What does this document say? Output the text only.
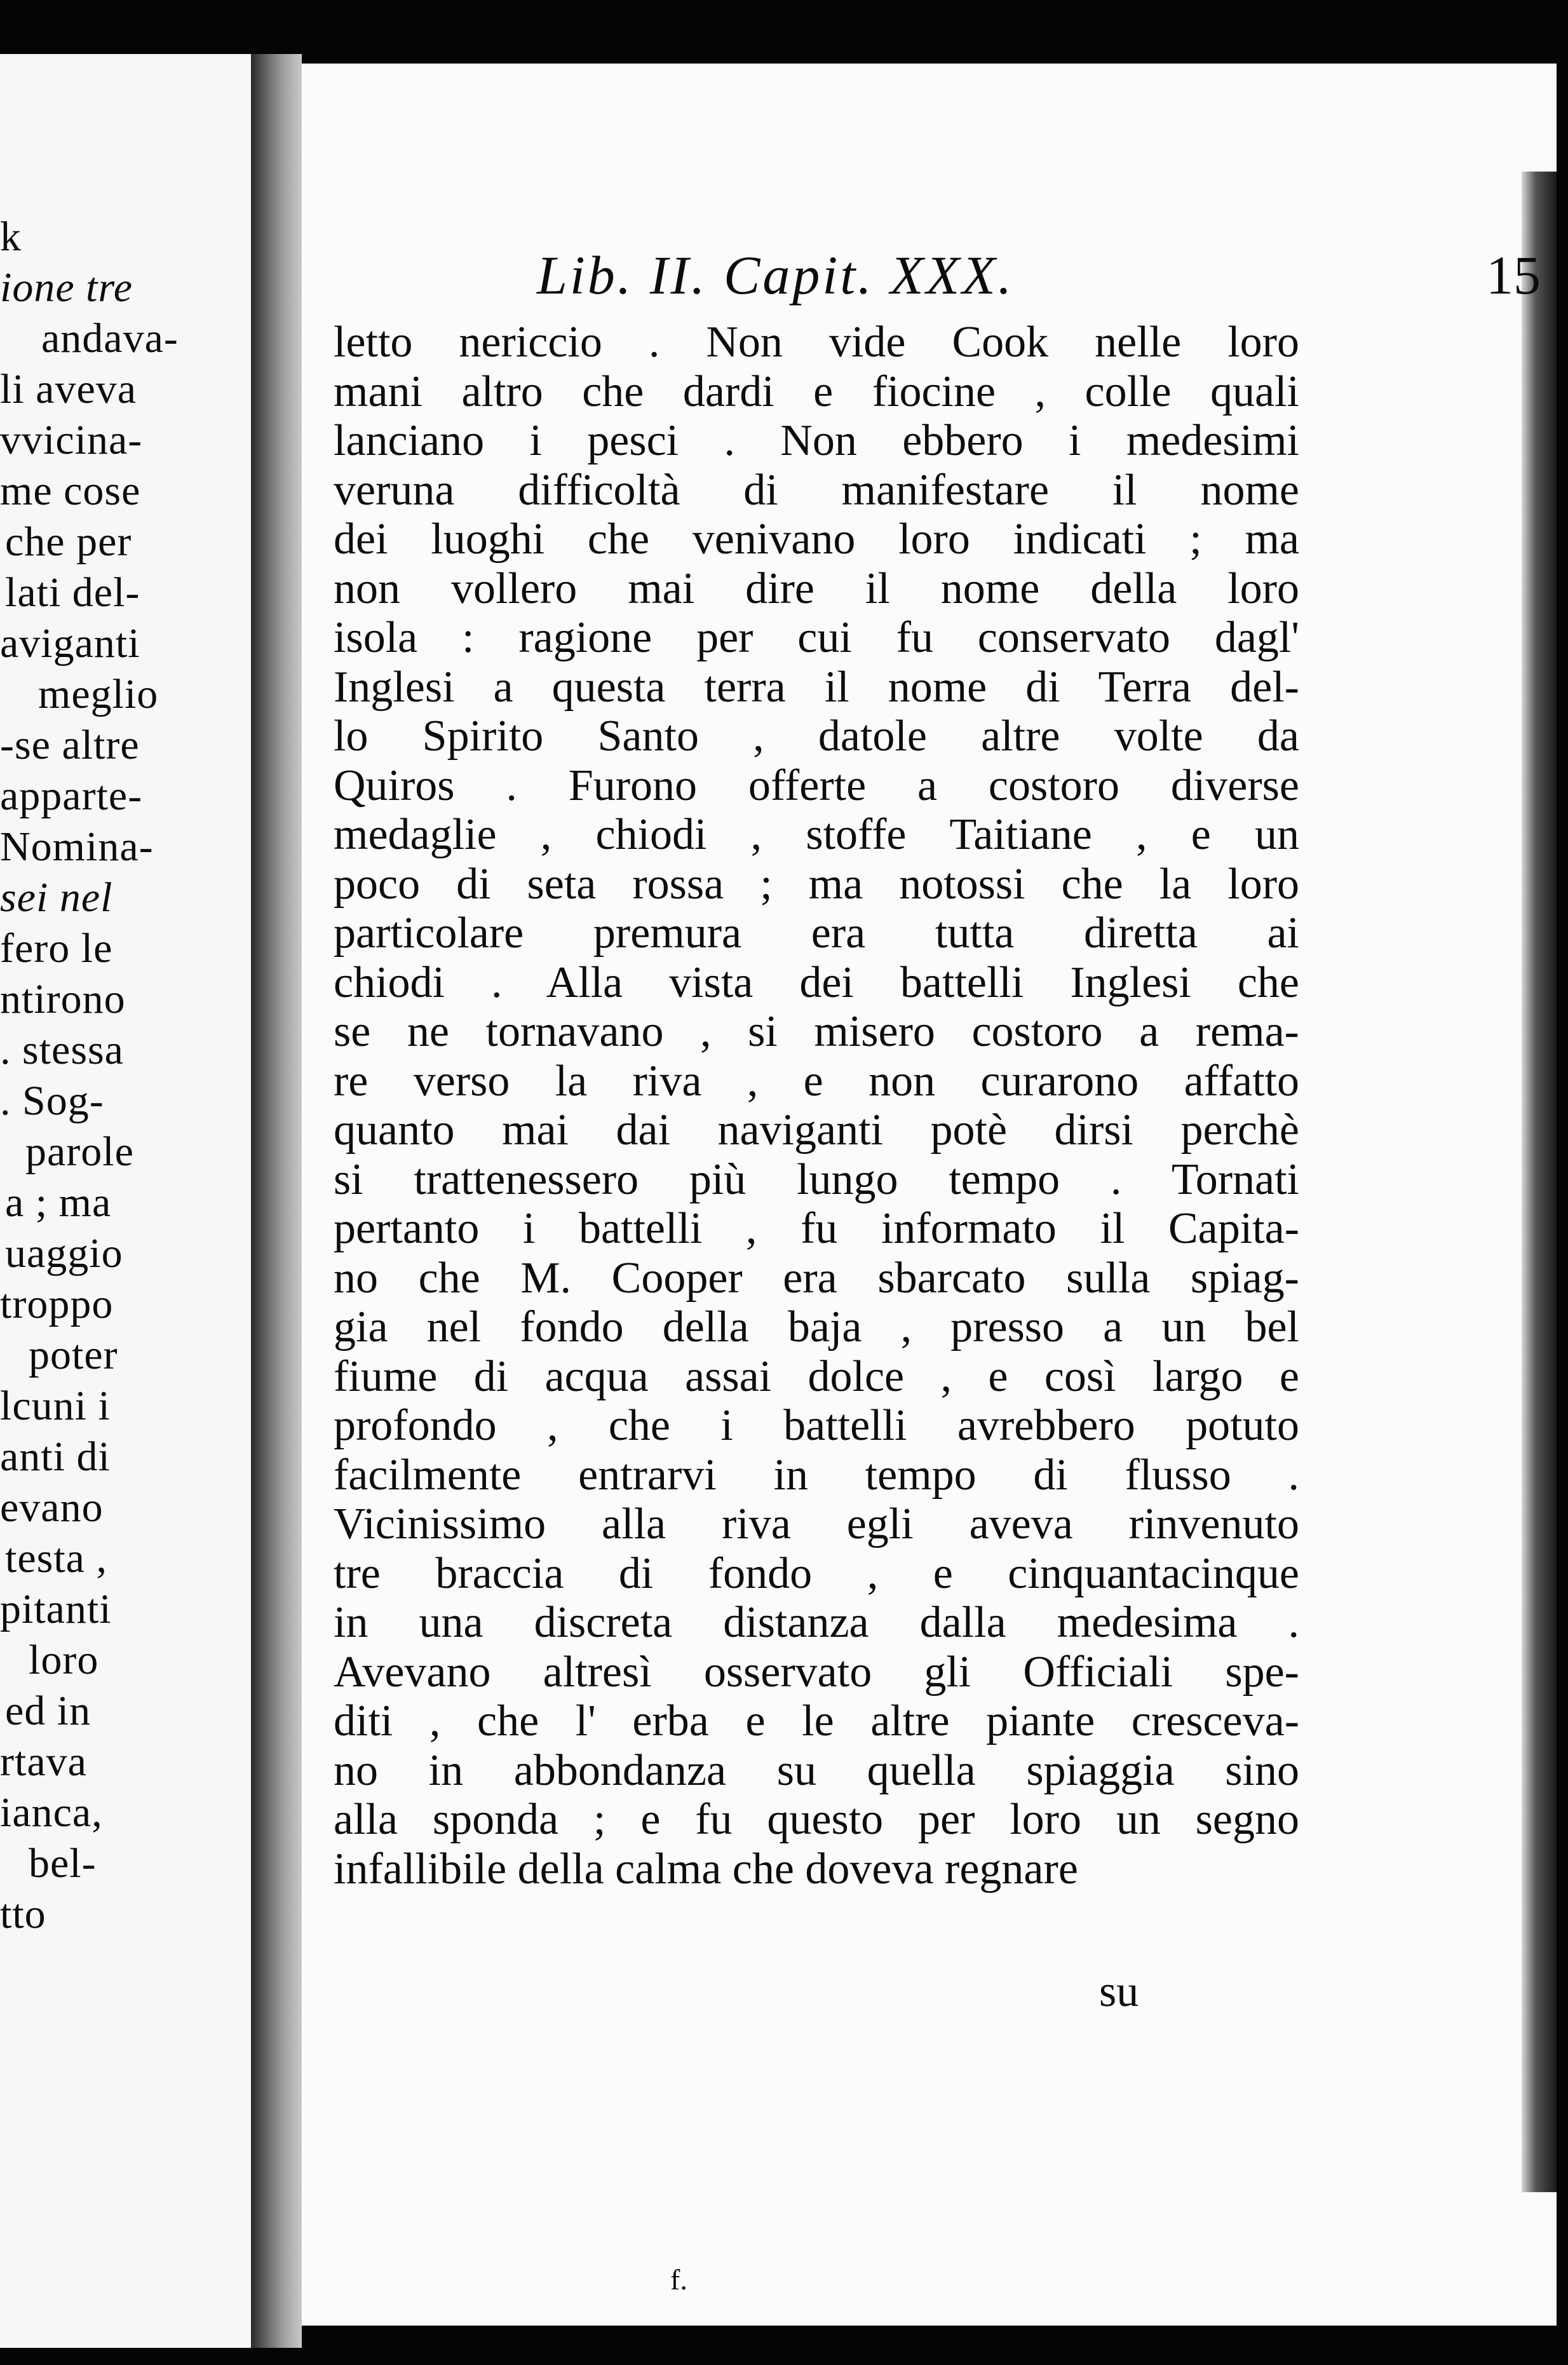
k
ione tre
andava-
li aveva
vvicina-
me cose
che per
lati del-
aviganti
meglio
-se altre
apparte-
Nomina-
sei nel
fero le
ntirono
. stessa
. Sog-
parole
a ; ma
uaggio
troppo
poter
lcuni i
anti di
evano
testa ,
pitanti
loro
ed in
rtava
ianca,
bel-
tto
Lib. II. Capit. XXX.	15
letto nericcio . Non vide Cook nelle loro
mani altro che dardi e fiocine , colle quali
lanciano i pesci . Non ebbero i medesimi
veruna difficoltà di manifestare il nome
dei luoghi che venivano loro indicati ; ma
non vollero mai dire il nome della loro
isola : ragione per cui fu conservato dagl'
Inglesi a questa terra il nome di Terra del-
lo Spirito Santo , datole altre volte da
Quiros . Furono offerte a costoro diverse
medaglie , chiodi , stoffe Taitiane , e un
poco di seta rossa ; ma notossi che la loro
particolare premura era tutta diretta ai
chiodi . Alla vista dei battelli Inglesi che
se ne tornavano , si misero costoro a rema-
re verso la riva , e non curarono affatto
quanto mai dai naviganti potè dirsi perchè
si trattenessero più lungo tempo . Tornati
pertanto i battelli , fu informato il Capita-
no che M. Cooper era sbarcato sulla spiag-
gia nel fondo della baja , presso a un bel
fiume di acqua assai dolce , e così largo e
profondo , che i battelli avrebbero potuto
facilmente entrarvi in tempo di flusso .
Vicinissimo alla riva egli aveva rinvenuto
tre braccia di fondo , e cinquantacinque
in una discreta distanza dalla medesima .
Avevano altresì osservato gli Officiali spe-
diti , che l' erba e le altre piante cresceva-
no in abbondanza su quella spiaggia sino
alla sponda ; e fu questo per loro un segno
infallibile della calma che doveva regnare
su
f.
